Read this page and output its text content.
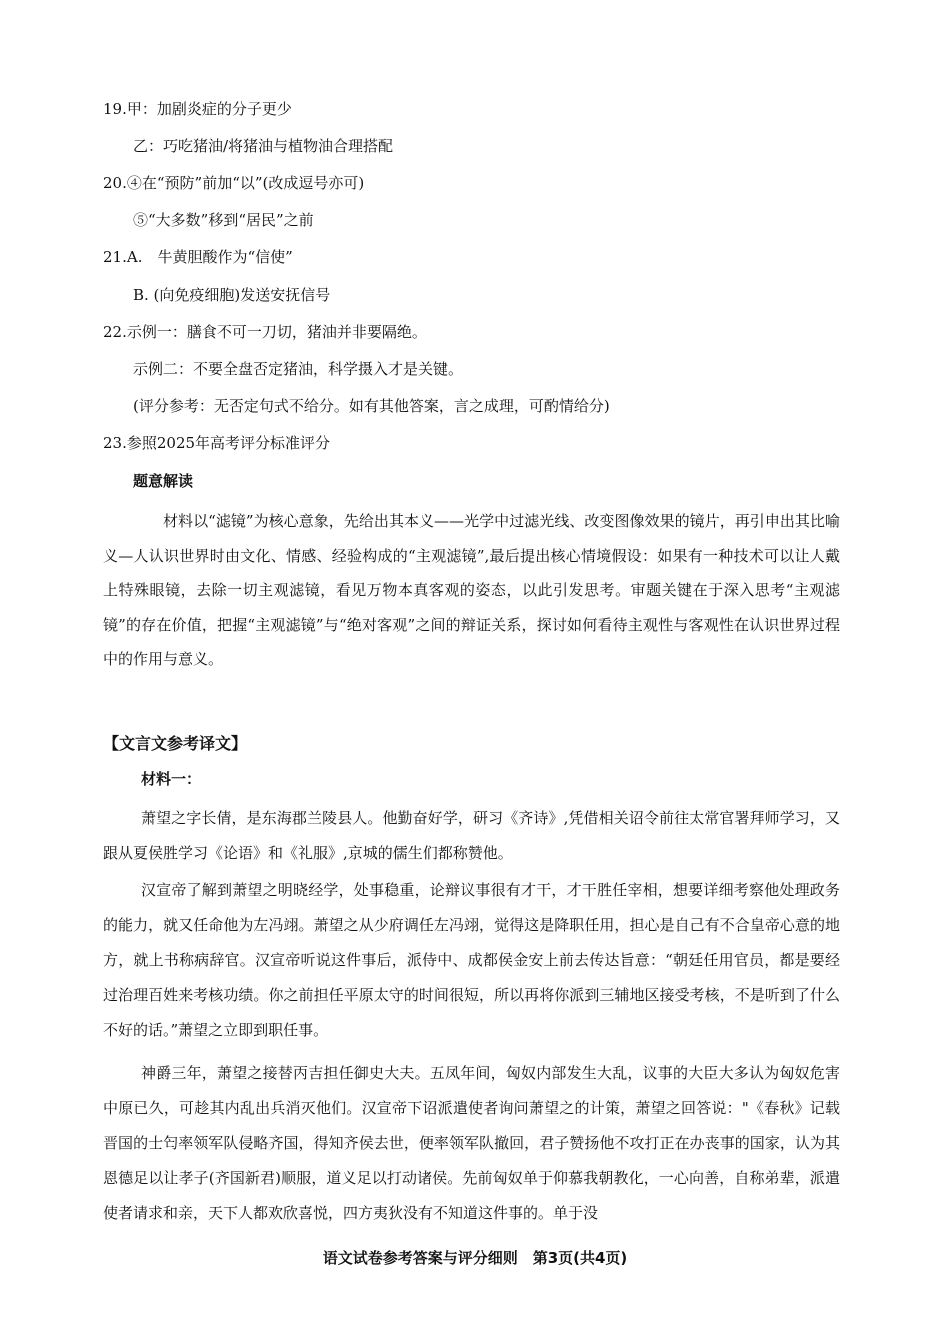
19.甲：加剧炎症的分子更少
乙：巧吃猪油/将猪油与植物油合理搭配
20.④在“预防”前加“以”(改成逗号亦可)
⑤“大多数”移到“居民”之前
21.A.　牛黄胆酸作为“信使”
B. (向免疫细胞)发送安抚信号
22.示例一：膳食不可一刀切，猪油并非要隔绝。
示例二：不要全盘否定猪油，科学摄入才是关键。
(评分参考：无否定句式不给分。如有其他答案，言之成理，可酌情给分)
23.参照2025年高考评分标准评分
题意解读
材料以“滤镜”为核心意象，先给出其本义——光学中过滤光线、改变图像效果的镜片，再引申出其比喻义—人认识世界时由文化、情感、经验构成的“主观滤镜”,最后提出核心情境假设：如果有一种技术可以让人戴上特殊眼镜，去除一切主观滤镜，看见万物本真客观的姿态，以此引发思考。审题关键在于深入思考“主观滤镜”的存在价值，把握“主观滤镜”与“绝对客观”之间的辩证关系，探讨如何看待主观性与客观性在认识世界过程中的作用与意义。
【文言文参考译文】
材料一：
萧望之字长倩，是东海郡兰陵县人。他勤奋好学，研习《齐诗》,凭借相关诏令前往太常官署拜师学习，又跟从夏侯胜学习《论语》和《礼服》,京城的儒生们都称赞他。
汉宣帝了解到萧望之明晓经学，处事稳重，论辩议事很有才干，才干胜任宰相，想要详细考察他处理政务的能力，就又任命他为左冯翊。萧望之从少府调任左冯翊，觉得这是降职任用，担心是自己有不合皇帝心意的地方，就上书称病辞官。汉宣帝听说这件事后，派侍中、成都侯金安上前去传达旨意：“朝廷任用官员，都是要经过治理百姓来考核功绩。你之前担任平原太守的时间很短，所以再将你派到三辅地区接受考核，不是听到了什么不好的话。”萧望之立即到职任事。
神爵三年，萧望之接替丙吉担任御史大夫。五凤年间，匈奴内部发生大乱，议事的大臣大多认为匈奴危害中原已久，可趁其内乱出兵消灭他们。汉宣帝下诏派遣使者询问萧望之的计策，萧望之回答说："《春秋》记载晋国的士匄率领军队侵略齐国，得知齐侯去世，便率领军队撤回，君子赞扬他不攻打正在办丧事的国家，认为其恩德足以让孝子(齐国新君)顺服，道义足以打动诸侯。先前匈奴单于仰慕我朝教化，一心向善，自称弟辈，派遣使者请求和亲，天下人都欢欣喜悦，四方夷狄没有不知道这件事的。单于没
语文试卷参考答案与评分细则　第3页(共4页)
